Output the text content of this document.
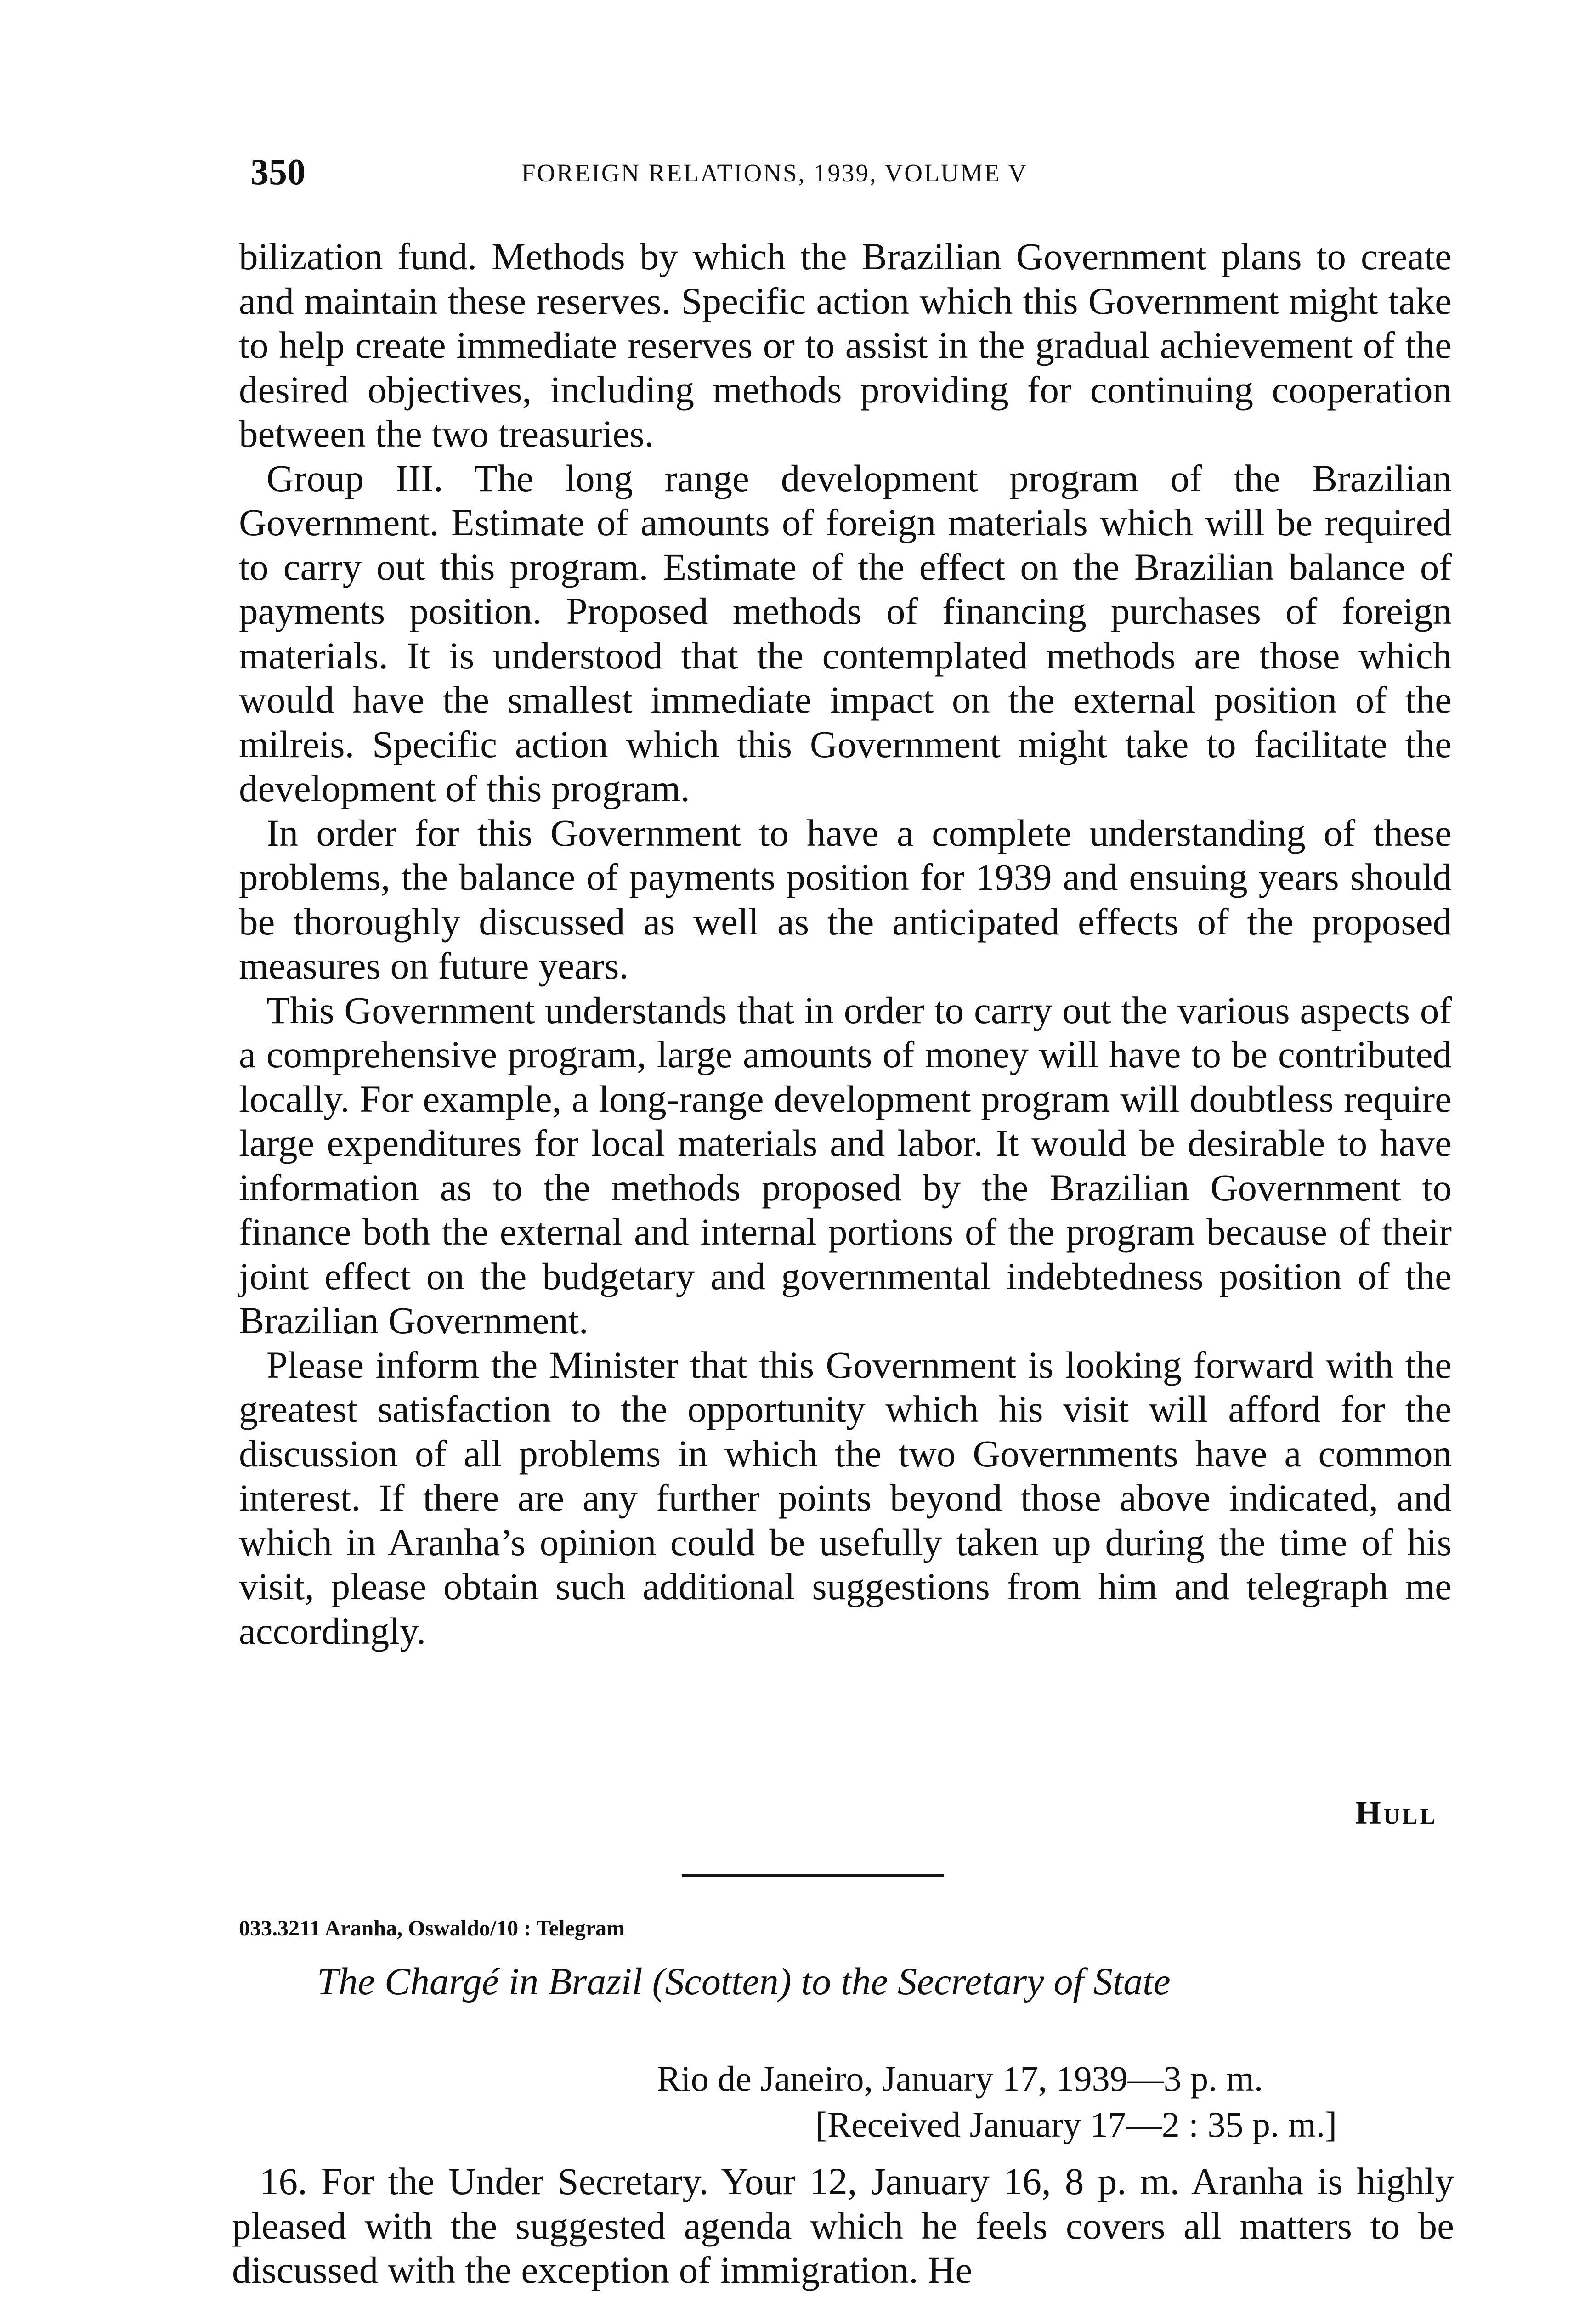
350	FOREIGN RELATIONS, 1939, VOLUME V

bilization fund. Methods by which the Brazilian Government plans to create and maintain these reserves. Specific action which this Government might take to help create immediate reserves or to assist in the gradual achievement of the desired objectives, including methods providing for continuing cooperation between the two treasuries.

Group III. The long range development program of the Brazilian Government. Estimate of amounts of foreign materials which will be required to carry out this program. Estimate of the effect on the Brazilian balance of payments position. Proposed methods of financing purchases of foreign materials. It is understood that the contemplated methods are those which would have the smallest immediate impact on the external position of the milreis. Specific action which this Government might take to facilitate the development of this program.

In order for this Government to have a complete understanding of these problems, the balance of payments position for 1939 and ensuing years should be thoroughly discussed as well as the anticipated effects of the proposed measures on future years.

This Government understands that in order to carry out the various aspects of a comprehensive program, large amounts of money will have to be contributed locally. For example, a long-range development program will doubtless require large expenditures for local materials and labor. It would be desirable to have information as to the methods proposed by the Brazilian Government to finance both the external and internal portions of the program because of their joint effect on the budgetary and governmental indebtedness position of the Brazilian Government.

Please inform the Minister that this Government is looking forward with the greatest satisfaction to the opportunity which his visit will afford for the discussion of all problems in which the two Governments have a common interest. If there are any further points beyond those above indicated, and which in Aranha’s opinion could be usefully taken up during the time of his visit, please obtain such additional suggestions from him and telegraph me accordingly.

Hull
033.3211 Aranha, Oswaldo/10 : Telegram
The Chargé in Brazil (Scotten) to the Secretary of State
Rio de Janeiro, January 17, 1939—3 p. m.
[Received January 17—2 : 35 p. m.]

16. For the Under Secretary. Your 12, January 16, 8 p. m. Aranha is highly pleased with the suggested agenda which he feels covers all matters to be discussed with the exception of immigration. He
